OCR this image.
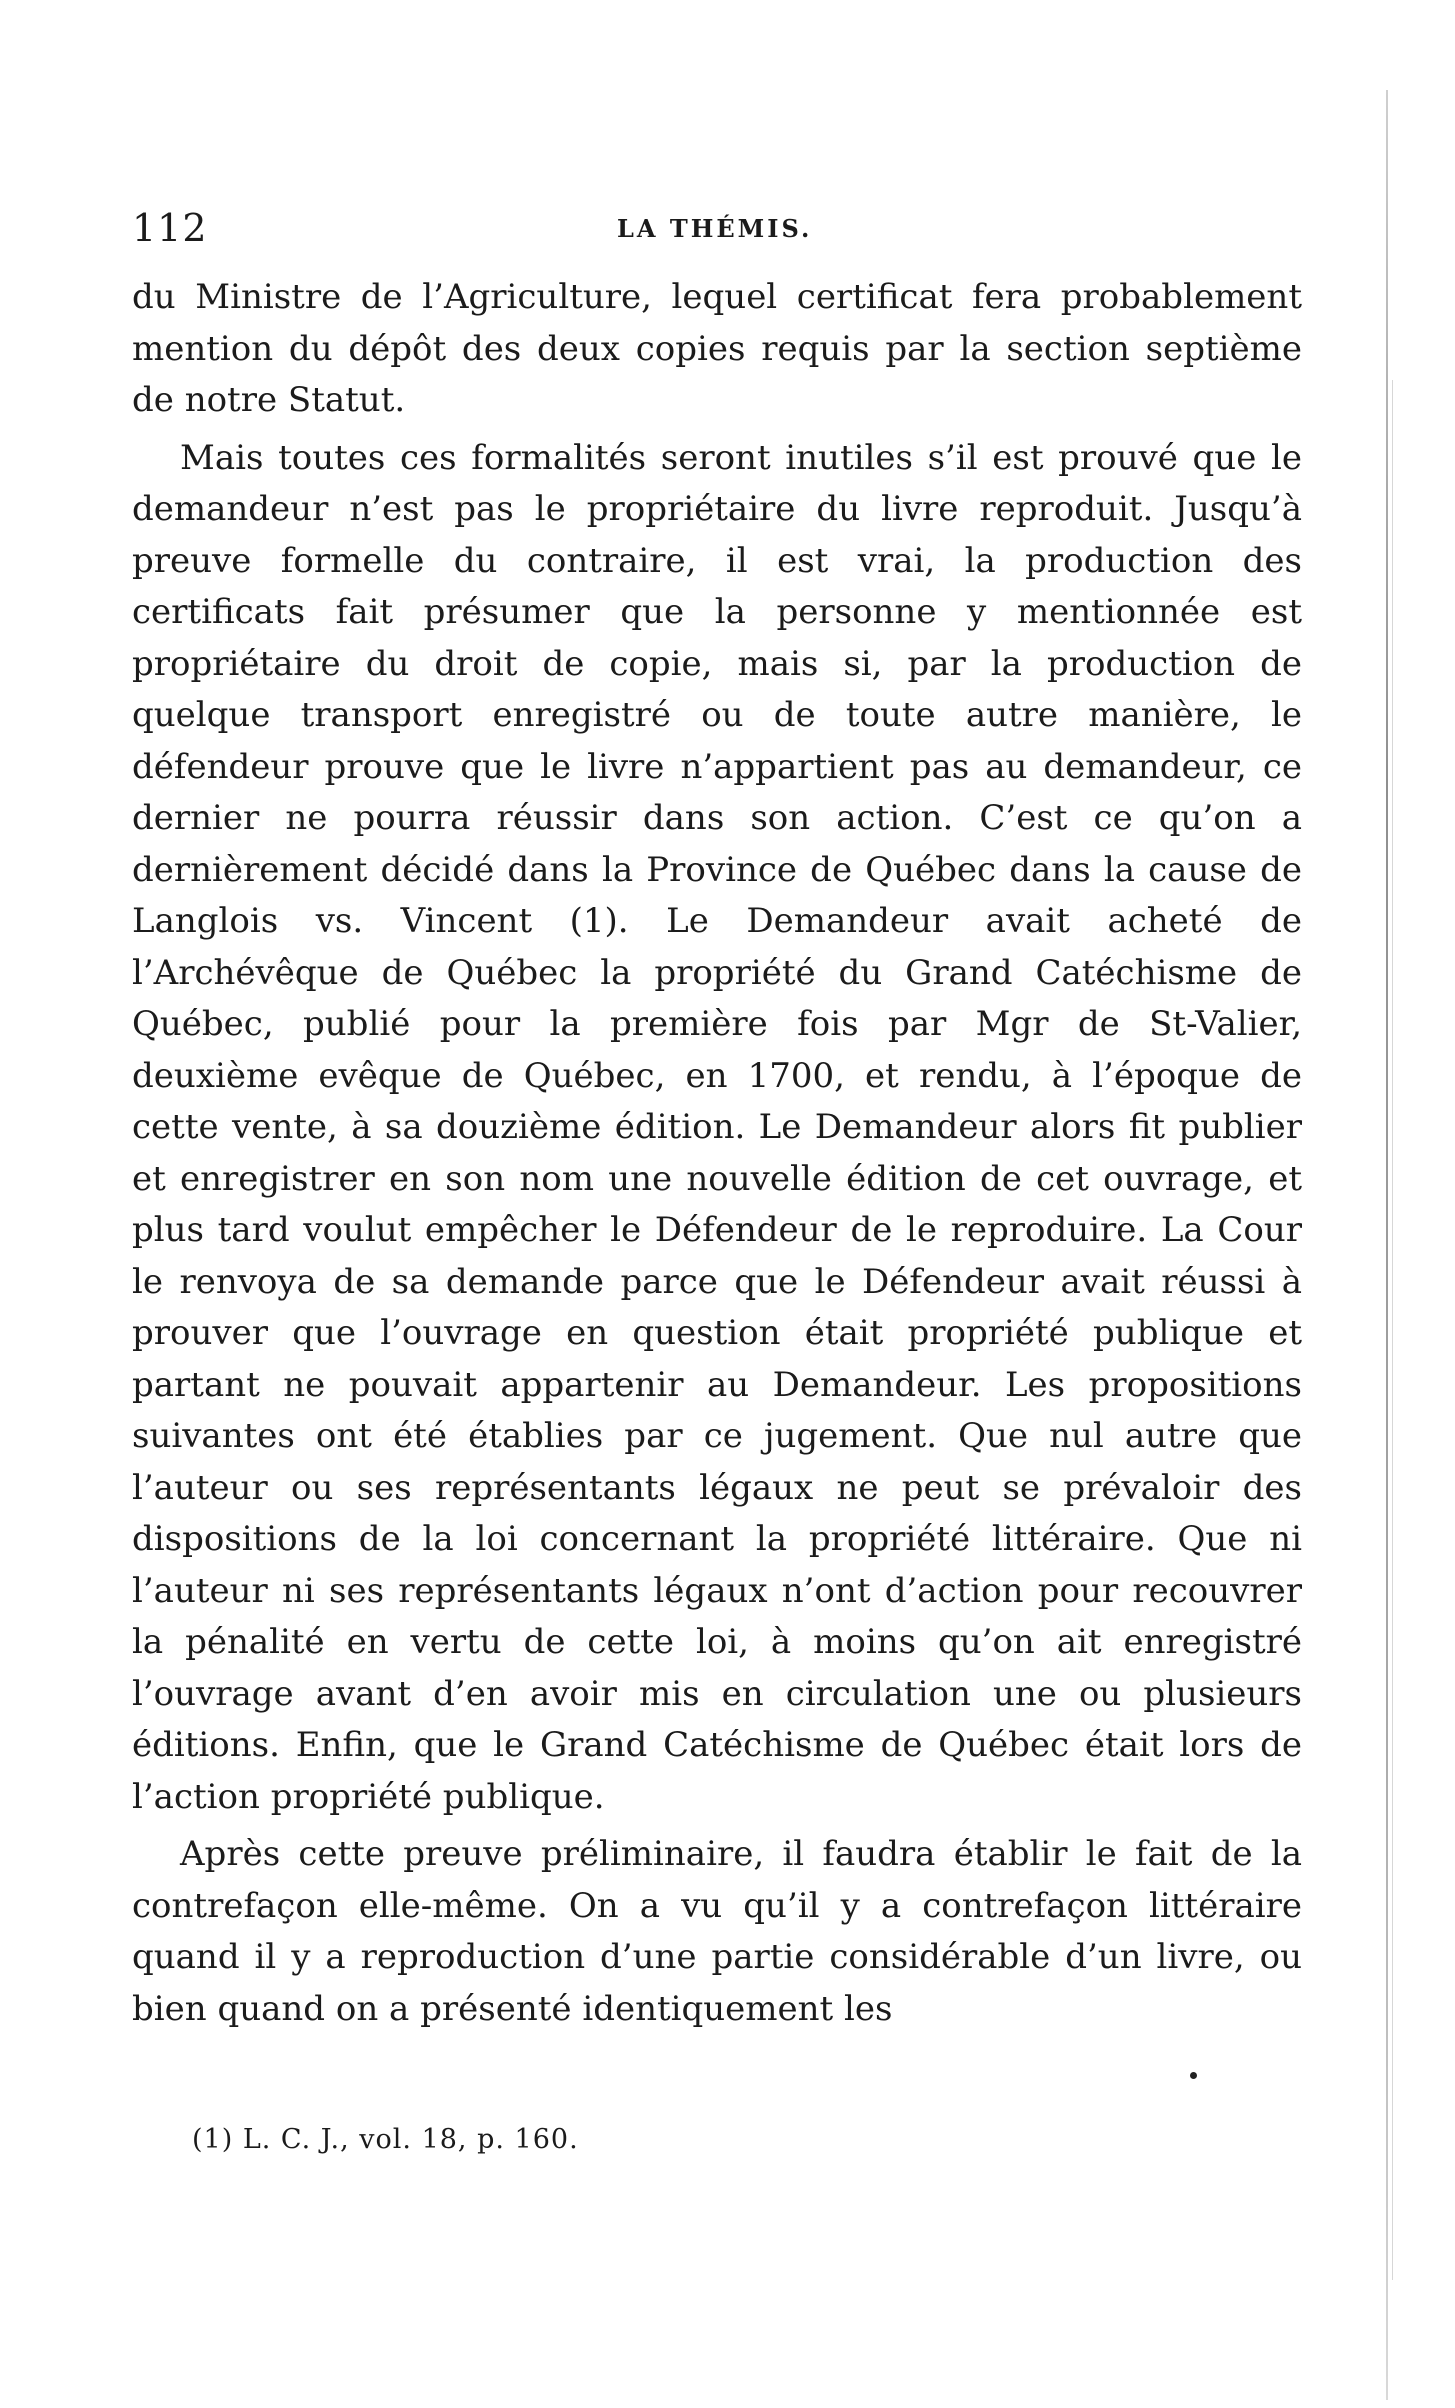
112	LA THÉMIS.

du Ministre de l’Agriculture, lequel certificat fera probablement mention du dépôt des deux copies requis par la section septième de notre Statut.

Mais toutes ces formalités seront inutiles s’il est prouvé que le demandeur n’est pas le propriétaire du livre reproduit. Jusqu’à preuve formelle du contraire, il est vrai, la production des certificats fait présumer que la personne y mentionnée est propriétaire du droit de copie, mais si, par la production de quelque transport enregistré ou de toute autre manière, le défendeur prouve que le livre n’appartient pas au demandeur, ce dernier ne pourra réussir dans son action. C’est ce qu’on a dernièrement décidé dans la Province de Québec dans la cause de Langlois vs. Vincent (1). Le Demandeur avait acheté de l’Archévêque de Québec la propriété du Grand Catéchisme de Québec, publié pour la première fois par Mgr de St-Valier, deuxième evêque de Québec, en 1700, et rendu, à l’époque de cette vente, à sa douzième édition. Le Demandeur alors fit publier et enregistrer en son nom une nouvelle édition de cet ouvrage, et plus tard voulut empêcher le Défendeur de le reproduire. La Cour le renvoya de sa demande parce que le Défendeur avait réussi à prouver que l’ouvrage en question était propriété publique et partant ne pouvait appartenir au Demandeur. Les propositions suivantes ont été établies par ce jugement. Que nul autre que l’auteur ou ses représentants légaux ne peut se prévaloir des dispositions de la loi concernant la propriété littéraire. Que ni l’auteur ni ses représentants légaux n’ont d’action pour recouvrer la pénalité en vertu de cette loi, à moins qu’on ait enregistré l’ouvrage avant d’en avoir mis en circulation une ou plusieurs éditions. Enfin, que le Grand Catéchisme de Québec était lors de l’action propriété publique.

Après cette preuve préliminaire, il faudra établir le fait de la contrefaçon elle-même. On a vu qu’il y a contrefaçon littéraire quand il y a reproduction d’une partie considérable d’un livre, ou bien quand on a présenté identiquement les

(1) L. C. J., vol. 18, p. 160.
